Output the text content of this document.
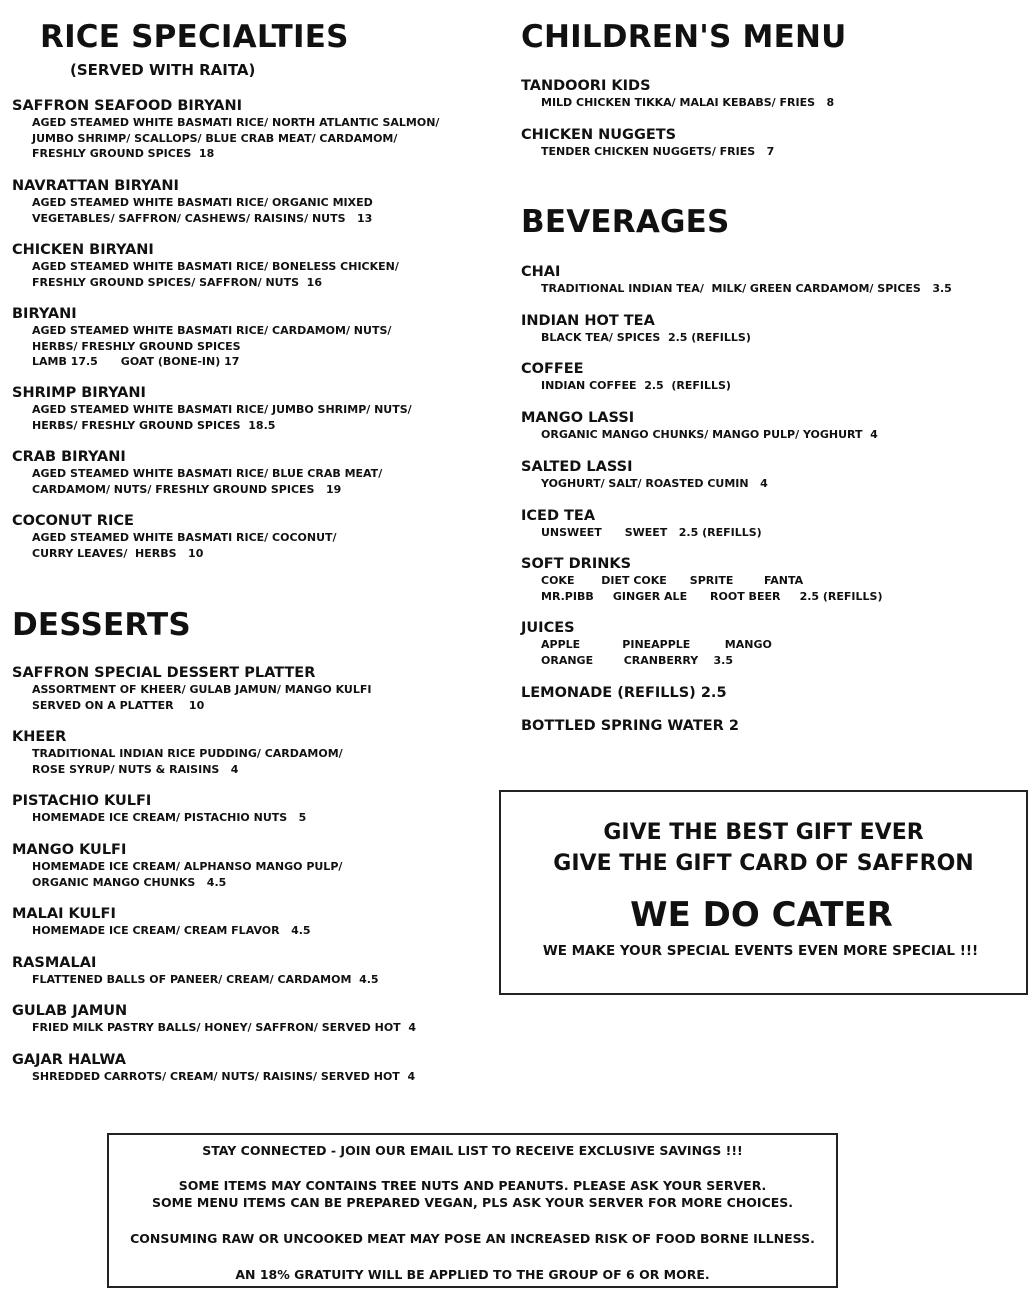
RICE SPECIALTIES
(SERVED WITH RAITA)
SAFFRON SEAFOOD BIRYANI
AGED STEAMED WHITE BASMATI RICE/ NORTH ATLANTIC SALMON/
JUMBO SHRIMP/ SCALLOPS/ BLUE CRAB MEAT/ CARDAMOM/
FRESHLY GROUND SPICES  18
NAVRATTAN BIRYANI
AGED STEAMED WHITE BASMATI RICE/ ORGANIC MIXED
VEGETABLES/ SAFFRON/ CASHEWS/ RAISINS/ NUTS   13
CHICKEN BIRYANI
AGED STEAMED WHITE BASMATI RICE/ BONELESS CHICKEN/
FRESHLY GROUND SPICES/ SAFFRON/ NUTS  16
BIRYANI
AGED STEAMED WHITE BASMATI RICE/ CARDAMOM/ NUTS/
HERBS/ FRESHLY GROUND SPICES
LAMB 17.5      GOAT (BONE-IN) 17
SHRIMP BIRYANI
AGED STEAMED WHITE BASMATI RICE/ JUMBO SHRIMP/ NUTS/
HERBS/ FRESHLY GROUND SPICES  18.5
CRAB BIRYANI
AGED STEAMED WHITE BASMATI RICE/ BLUE CRAB MEAT/
CARDAMOM/ NUTS/ FRESHLY GROUND SPICES   19
COCONUT RICE
AGED STEAMED WHITE BASMATI RICE/ COCONUT/
CURRY LEAVES/  HERBS   10
DESSERTS
SAFFRON SPECIAL DESSERT PLATTER
ASSORTMENT OF KHEER/ GULAB JAMUN/ MANGO KULFI
SERVED ON A PLATTER    10
KHEER
TRADITIONAL INDIAN RICE PUDDING/ CARDAMOM/
ROSE SYRUP/ NUTS & RAISINS   4
PISTACHIO KULFI
HOMEMADE ICE CREAM/ PISTACHIO NUTS   5
MANGO KULFI
HOMEMADE ICE CREAM/ ALPHANSO MANGO PULP/
ORGANIC MANGO CHUNKS   4.5
MALAI KULFI
HOMEMADE ICE CREAM/ CREAM FLAVOR   4.5
RASMALAI
FLATTENED BALLS OF PANEER/ CREAM/ CARDAMOM  4.5
GULAB JAMUN
FRIED MILK PASTRY BALLS/ HONEY/ SAFFRON/ SERVED HOT  4
GAJAR HALWA
SHREDDED CARROTS/ CREAM/ NUTS/ RAISINS/ SERVED HOT  4
CHILDREN'S MENU
TANDOORI KIDS
MILD CHICKEN TIKKA/ MALAI KEBABS/ FRIES   8
CHICKEN NUGGETS
TENDER CHICKEN NUGGETS/ FRIES   7
BEVERAGES
CHAI
TRADITIONAL INDIAN TEA/  MILK/ GREEN CARDAMOM/ SPICES   3.5
INDIAN HOT TEA
BLACK TEA/ SPICES  2.5 (REFILLS)
COFFEE
INDIAN COFFEE  2.5  (REFILLS)
MANGO LASSI
ORGANIC MANGO CHUNKS/ MANGO PULP/ YOGHURT  4
SALTED LASSI
YOGHURT/ SALT/ ROASTED CUMIN   4
ICED TEA
UNSWEET      SWEET   2.5 (REFILLS)
SOFT DRINKS
COKE       DIET COKE      SPRITE        FANTA
MR.PIBB     GINGER ALE      ROOT BEER     2.5 (REFILLS)
JUICES
APPLE           PINEAPPLE         MANGO
ORANGE        CRANBERRY    3.5
LEMONADE (REFILLS) 2.5
BOTTLED SPRING WATER 2
GIVE THE BEST GIFT EVER
GIVE THE GIFT CARD OF SAFFRON
WE DO CATER
WE MAKE YOUR SPECIAL EVENTS EVEN MORE SPECIAL !!!
STAY CONNECTED - JOIN OUR EMAIL LIST TO RECEIVE EXCLUSIVE SAVINGS !!!
SOME ITEMS MAY CONTAINS TREE NUTS AND PEANUTS. PLEASE ASK YOUR SERVER.
SOME MENU ITEMS CAN BE PREPARED VEGAN, PLS ASK YOUR SERVER FOR MORE CHOICES.
CONSUMING RAW OR UNCOOKED MEAT MAY POSE AN INCREASED RISK OF FOOD BORNE ILLNESS.
AN 18% GRATUITY WILL BE APPLIED TO THE GROUP OF 6 OR MORE.
